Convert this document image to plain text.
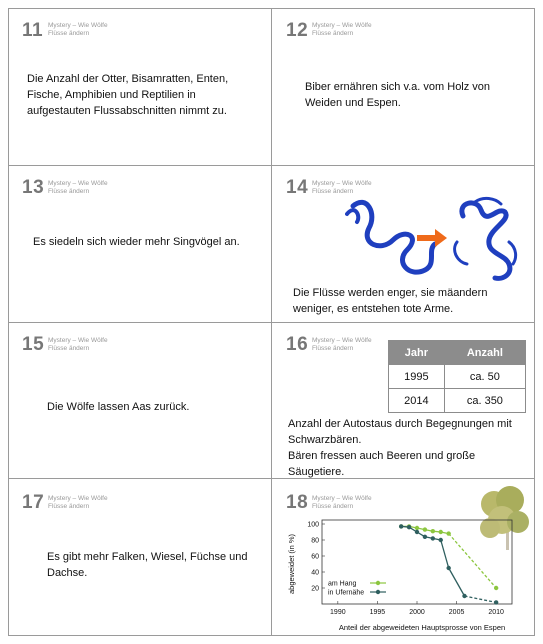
11 Mystery – Wie Wölfe
Flüsse ändern
Die Anzahl der Otter, Bisamratten, Enten, Fische, Amphibien und Reptilien in aufgestauten Flussabschnitten nimmt zu.
12 Mystery – Wie Wölfe
Flüsse ändern
Biber ernähren sich v.a. vom Holz von Weiden und Espen.
13 Mystery – Wie Wölfe
Flüsse ändern
Es siedeln sich wieder mehr Singvögel an.
14 Mystery – Wie Wölfe
Flüsse ändern
Die Flüsse werden enger, sie mäandern weniger, es entstehen tote Arme.
15 Mystery – Wie Wölfe
Flüsse ändern
Die Wölfe lassen Aas zurück.
16 Mystery – Wie Wölfe
Flüsse ändern	Jahr	Anzahl
1995	ca. 50
2014	ca. 350
Anzahl der Autostaus durch Begegnungen mit Schwarzbären.
Bären fressen auch Beeren und große Säugetiere.
17 Mystery – Wie Wölfe
Flüsse ändern
Es gibt mehr Falken, Wiesel, Füchse und Dachse.
18 Mystery – Wie Wölfe
Flüsse ändern
20
40
60
80
100
1990	1995	2000	2005	2010
abgeweidet (in %)
Anteil der abgeweideten Hauptsprosse von Espen
am Hang
in Ufernähe
